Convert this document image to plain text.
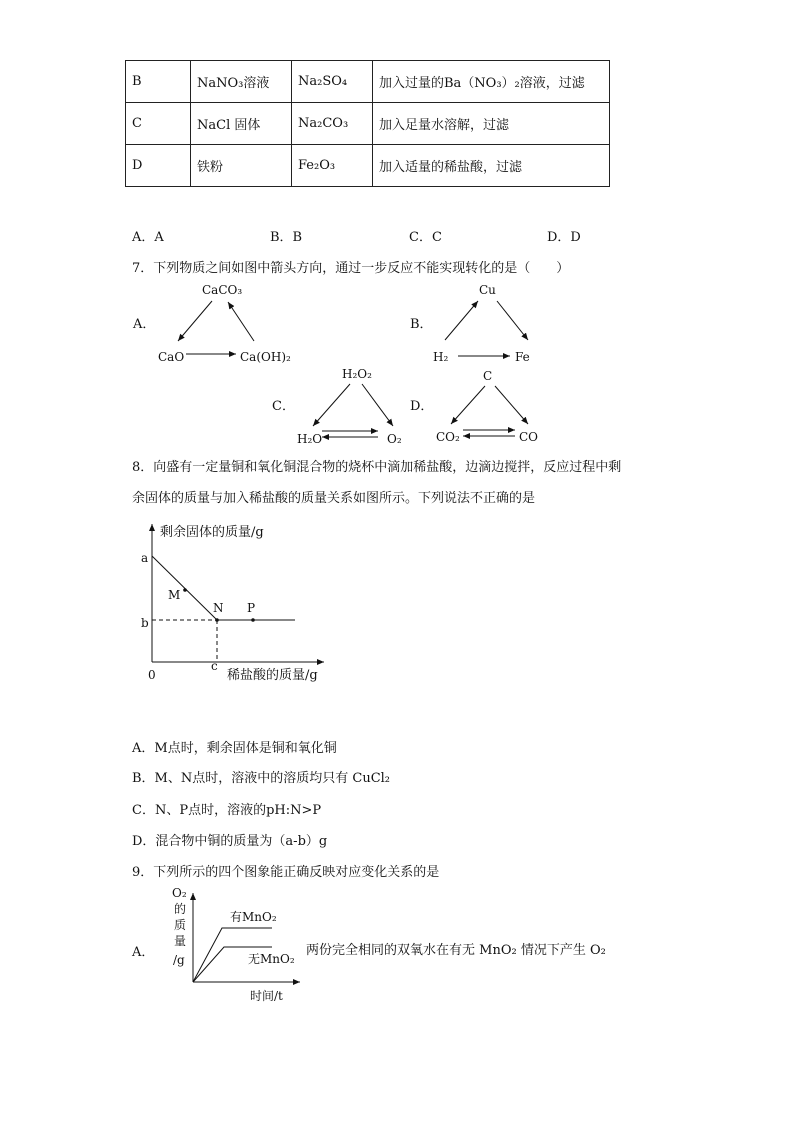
B	NaNO₃溶液	Na₂SO₄	加入过量的Ba（NO₃）₂溶液，过滤
C	NaCl 固体	Na₂CO₃	加入足量水溶解，过滤
D	铁粉	Fe₂O₃	加入适量的稀盐酸，过滤
A．A	B．B	C．C	D．D
7．下列物质之间如图中箭头方向，通过一步反应不能实现转化的是（　　）
A．
CaCO₃
CaO	Ca(OH)₂
B．
Cu
H₂	Fe
C．
H₂O₂
H₂O	O₂
D．
C
CO₂	CO
剩余固体的质量/g
稀盐酸的质量/g
0
a
b
c
M
N P
O₂
的
质
量
/g
时间/t
有MnO₂
无MnO₂
8．向盛有一定量铜和氧化铜混合物的烧杯中滴加稀盐酸，边滴边搅拌，反应过程中剩
余固体的质量与加入稀盐酸的质量关系如图所示。下列说法不正确的是
A．M点时，剩余固体是铜和氧化铜
B．M、N点时，溶液中的溶质均只有 CuCl₂
C．N、P点时，溶液的pH:N>P
D．混合物中铜的质量为（a-b）g
9．下列所示的四个图象能正确反映对应变化关系的是
A．	两份完全相同的双氧水在有无 MnO₂ 情况下产生 O₂
